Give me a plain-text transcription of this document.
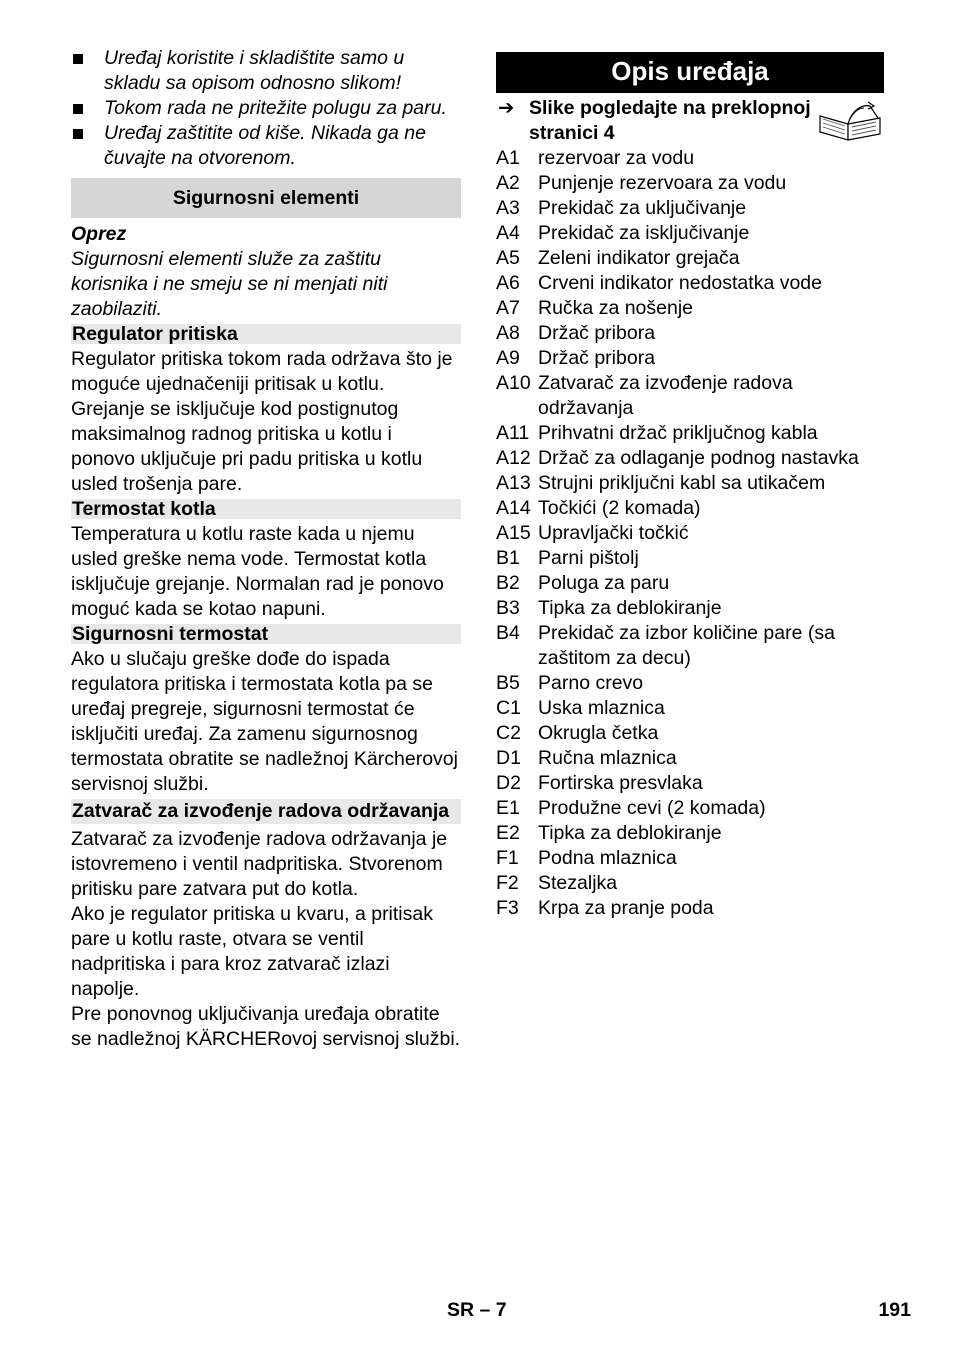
Uređaj koristite i skladištite samo u skladu sa opisom odnosno slikom!
Tokom rada ne pritežite polugu za paru.
Uređaj zaštitite od kiše. Nikada ga ne čuvajte na otvorenom.
Sigurnosni elementi

Oprez

Sigurnosni elementi služe za zaštitu korisnika i ne smeju se ni menjati niti zaobilaziti.

Regulator pritiska

Regulator pritiska tokom rada održava što je moguće ujednačeniji pritisak u kotlu. Grejanje se isključuje kod postignutog maksimalnog radnog pritiska u kotlu i ponovo uključuje pri padu pritiska u kotlu usled trošenja pare.

Termostat kotla

Temperatura u kotlu raste kada u njemu usled greške nema vode. Termostat kotla isključuje grejanje. Normalan rad je ponovo moguć kada se kotao napuni.

Sigurnosni termostat

Ako u slučaju greške dođe do ispada regulatora pritiska i termostata kotla pa se uređaj pregreje, sigurnosni termostat će isključiti uređaj. Za zamenu sigurnosnog termostata obratite se nadležnoj Kärcherovoj servisnoj službi.

Zatvarač za izvođenje radova održavanja

Zatvarač za izvođenje radova održavanja je istovremeno i ventil nadpritiska. Stvorenom pritisku pare zatvara put do kotla.

Ako je regulator pritiska u kvaru, a pritisak pare u kotlu raste, otvara se ventil nadpritiska i para kroz zatvarač izlazi napolje.

Pre ponovnog uključivanja uređaja obratite se nadležnoj KÄRCHERovoj servisnoj službi.

Opis uređaja
➔ Slike pogledajte na preklopnoj stranici 4
A1 rezervoar za vodu
A2 Punjenje rezervoara za vodu
A3 Prekidač za uključivanje
A4 Prekidač za isključivanje
A5 Zeleni indikator grejača
A6 Crveni indikator nedostatka vode
A7 Ručka za nošenje
A8 Držač pribora
A9 Držač pribora
A10 Zatvarač za izvođenje radova održavanja
A11 Prihvatni držač priključnog kabla
A12 Držač za odlaganje podnog nastavka
A13 Strujni priključni kabl sa utikačem
A14 Točkići (2 komada)
A15 Upravljački točkić
B1 Parni pištolj
B2 Poluga za paru
B3 Tipka za deblokiranje
B4 Prekidač za izbor količine pare (sa zaštitom za decu)
B5 Parno crevo
C1 Uska mlaznica
C2 Okrugla četka
D1 Ručna mlaznica
D2 Fortirska presvlaka
E1 Produžne cevi (2 komada)
E2 Tipka za deblokiranje
F1 Podna mlaznica
F2 Stezaljka
F3 Krpa za pranje poda
SR – 7	191
